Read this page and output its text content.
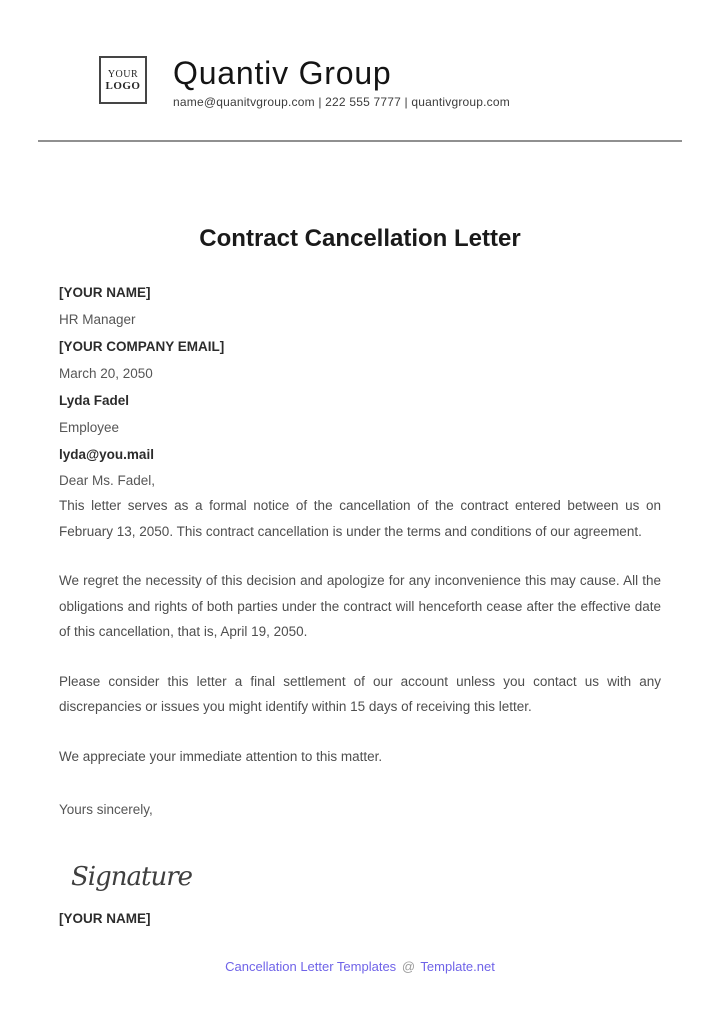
YOUR
LOGO Quantiv Group
name@quanitvgroup.com | 222 555 7777 | quantivgroup.com
Contract Cancellation Letter
[YOUR NAME]
HR Manager
[YOUR COMPANY EMAIL]
March 20, 2050
Lyda Fadel
Employee
lyda@you.mail
Dear Ms. Fadel,

This letter serves as a formal notice of the cancellation of the contract entered between us on February 13, 2050. This contract cancellation is under the terms and conditions of our agreement.

We regret the necessity of this decision and apologize for any inconvenience this may cause. All the obligations and rights of both parties under the contract will henceforth cease after the effective date of this cancellation, that is, April 19, 2050.

Please consider this letter a final settlement of our account unless you contact us with any discrepancies or issues you might identify within 15 days of receiving this letter.

We appreciate your immediate attention to this matter.

Yours sincerely,
Signature
[YOUR NAME]
Cancellation Letter Templates @ Template.net
